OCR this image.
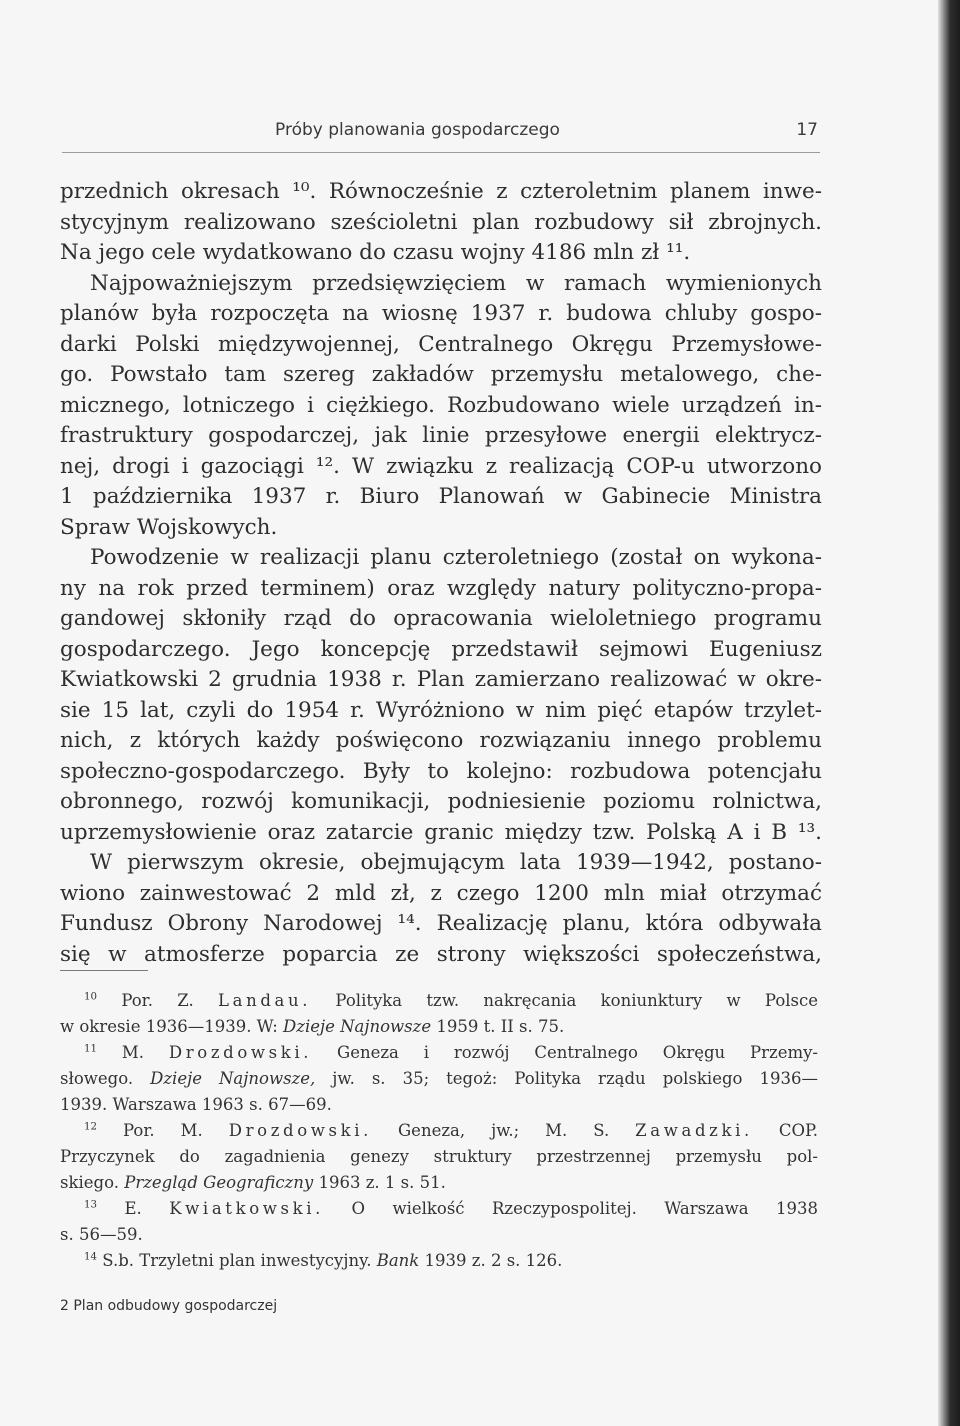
Próby planowania gospodarczego	17
przednich okresach ¹⁰. Równocześnie z czteroletnim planem inwe-
stycyjnym realizowano sześcioletni plan rozbudowy sił zbrojnych.
Na jego cele wydatkowano do czasu wojny 4186 mln zł ¹¹.
Najpoważniejszym przedsięwzięciem w ramach wymienionych
planów była rozpoczęta na wiosnę 1937 r. budowa chluby gospo-
darki Polski międzywojennej, Centralnego Okręgu Przemysłowe-
go. Powstało tam szereg zakładów przemysłu metalowego, che-
micznego, lotniczego i ciężkiego. Rozbudowano wiele urządzeń in-
frastruktury gospodarczej, jak linie przesyłowe energii elektrycz-
nej, drogi i gazociągi ¹². W związku z realizacją COP-u utworzono
1 października 1937 r. Biuro Planowań w Gabinecie Ministra
Spraw Wojskowych.
Powodzenie w realizacji planu czteroletniego (został on wykona-
ny na rok przed terminem) oraz względy natury polityczno-propa-
gandowej skłoniły rząd do opracowania wieloletniego programu
gospodarczego. Jego koncepcję przedstawił sejmowi Eugeniusz
Kwiatkowski 2 grudnia 1938 r. Plan zamierzano realizować w okre-
sie 15 lat, czyli do 1954 r. Wyróżniono w nim pięć etapów trzylet-
nich, z których każdy poświęcono rozwiązaniu innego problemu
społeczno-gospodarczego. Były to kolejno: rozbudowa potencjału
obronnego, rozwój komunikacji, podniesienie poziomu rolnictwa,
uprzemysłowienie oraz zatarcie granic między tzw. Polską A i B ¹³.
W pierwszym okresie, obejmującym lata 1939—1942, postano-
wiono zainwestować 2 mld zł, z czego 1200 mln miał otrzymać
Fundusz Obrony Narodowej ¹⁴. Realizację planu, która odbywała
się w atmosferze poparcia ze strony większości społeczeństwa,
$^{10}$ Por. Z. Landau. Polityka tzw. nakręcania koniunktury w Polsce
w okresie 1936—1939. W: Dzieje Najnowsze 1959 t. II s. 75.
$^{11}$ M. Drozdowski. Geneza i rozwój Centralnego Okręgu Przemy-
słowego. Dzieje Najnowsze, jw. s. 35; tegoż: Polityka rządu polskiego 1936—
1939. Warszawa 1963 s. 67—69.
$^{12}$ Por. M. Drozdowski. Geneza, jw.; M. S. Zawadzki. COP.
Przyczynek do zagadnienia genezy struktury przestrzennej przemysłu pol-
skiego. Przegląd Geograficzny 1963 z. 1 s. 51.
$^{13}$ E. Kwiatkowski. O wielkość Rzeczypospolitej. Warszawa 1938
s. 56—59.
$^{14}$ S.b. Trzyletni plan inwestycyjny. Bank 1939 z. 2 s. 126.
2 Plan odbudowy gospodarczej
